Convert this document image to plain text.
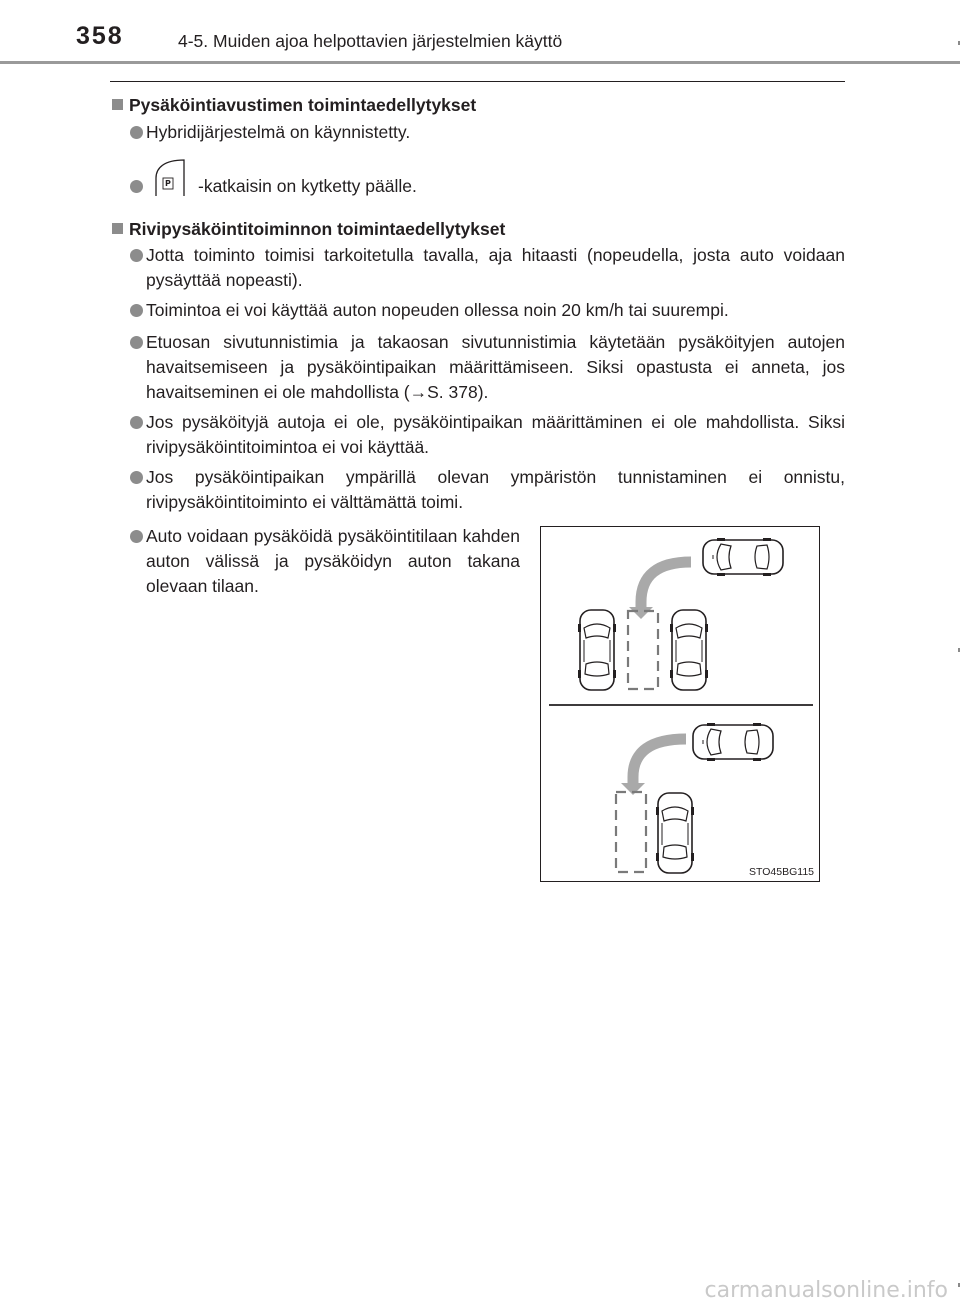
358	4-5. Muiden ajoa helpottavien järjestelmien käyttö
Pysäköintiavustimen toimintaedellytykset
Hybridijärjestelmä on käynnistetty.
P -katkaisin on kytketty päälle.
Rivipysäköintitoiminnon toimintaedellytykset
Jotta toiminto toimisi tarkoitetulla tavalla, aja hitaasti (nopeudella, josta auto voidaan pysäyttää nopeasti).
Toimintoa ei voi käyttää auton nopeuden ollessa noin 20 km/h tai suurempi.
Etuosan sivutunnistimia ja takaosan sivutunnistimia käytetään pysäköityjen autojen havaitsemiseen ja pysäköintipaikan määrittämiseen. Siksi opastusta ei anneta, jos havaitseminen ei ole mahdollista (→S. 378).
Jos pysäköityjä autoja ei ole, pysäköintipaikan määrittäminen ei ole mahdollista. Siksi rivipysäköintitoimintoa ei voi käyttää.
Jos pysäköintipaikan ympärillä olevan ympäristön tunnistaminen ei onnistu, rivipysäköintitoiminto ei välttämättä toimi.
Auto voidaan pysäköidä pysäköintitilaan kahden auton välissä ja pysäköidyn auton takana olevaan tilaan.
STO45BG115
carmanualsonline.info
